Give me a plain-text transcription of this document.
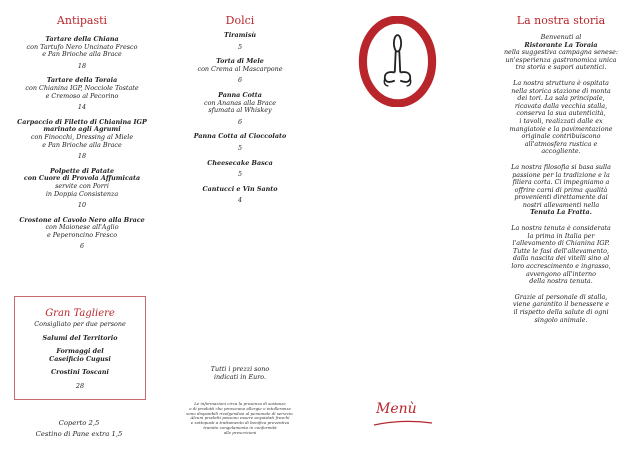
Antipasti
Tartare della Chiana
con Tartufo Nero Uncinato Fresco
e Pan Brioche alla Brace
18
Tartare della Toraia
con Chianina IGP, Nocciole Tostate
e Cremoso al Pecorino
14
Carpaccio di Filetto di Chianina IGP
marinato agli Agrumi
con Finocchi, Dressing al Miele
e Pan Brioche alla Brace
18
Polpette di Patate
con Cuore di Provola Affumicata
servite con Porri
in Doppia Consistenza
10
Crostone al Cavolo Nero alla Brace
con Maionese all'Aglio
e Peperoncino Fresco
6
Gran Tagliere
Consigliato per due persone
Salumi del Territorio
Formaggi del
Caseificio Cugusi
Crostini Toscani
28
Coperto 2,5
Cestino di Pane extra 1,5
Dolci
Tiramisù
5
Torta di Mele
con Crema al Mascarpone
6
Panna Cotta
con Ananas alla Brace
sfumata al Whiskey
6
Panna Cotta al Cioccolato
5
Cheesecake Basca
5
Cantucci e Vin Santo
4
Tutti i prezzi sono
indicati in Euro.
Le informazioni circa la presenza di sostanze
o di prodotti che provocano allergie o intolleranze
sono disponibili rivolgendosi al personale di servizio.
Alcuni prodotti possono essere acquistati freschi
e sottoposti a trattamento di bonifica preventiva
tramite congelamento in conformità
alle prescrizioni
Menù
La nostra storia

Benvenuti al
Ristorante La Toraia
nella suggestiva campagna senese:
un'esperienza gastronomica unica
tra storia e sapori autentici.

La nostra struttura è ospitata
nella storica stazione di monta
dei tori. La sala principale,
ricavata dalla vecchia stalla,
conserva la sua autenticità,
i tavoli, realizzati dalle ex
mangiatoie e la pavimentazione
originale contribuiscono
all'atmosfera rustica e
accogliente.

La nostra filosofia si basa sulla
passione per la tradizione e la
filiera corta. Ci impegniamo a
offrire carni di prima qualità
provenienti direttamente dai
nostri allevamenti nella
Tenuta La Fratta.

La nostra tenuta è considerata
la prima in Italia per
l'allevamento di Chianina IGP.
Tutte le fasi dell'allevamento,
dalla nascita dei vitelli sino al
loro accrescimento e ingrasso,
avvengono all'interno
della nostra tenuta.

Grazie al personale di stalla,
viene garantito il benessere e
il rispetto della salute di ogni
singolo animale.
